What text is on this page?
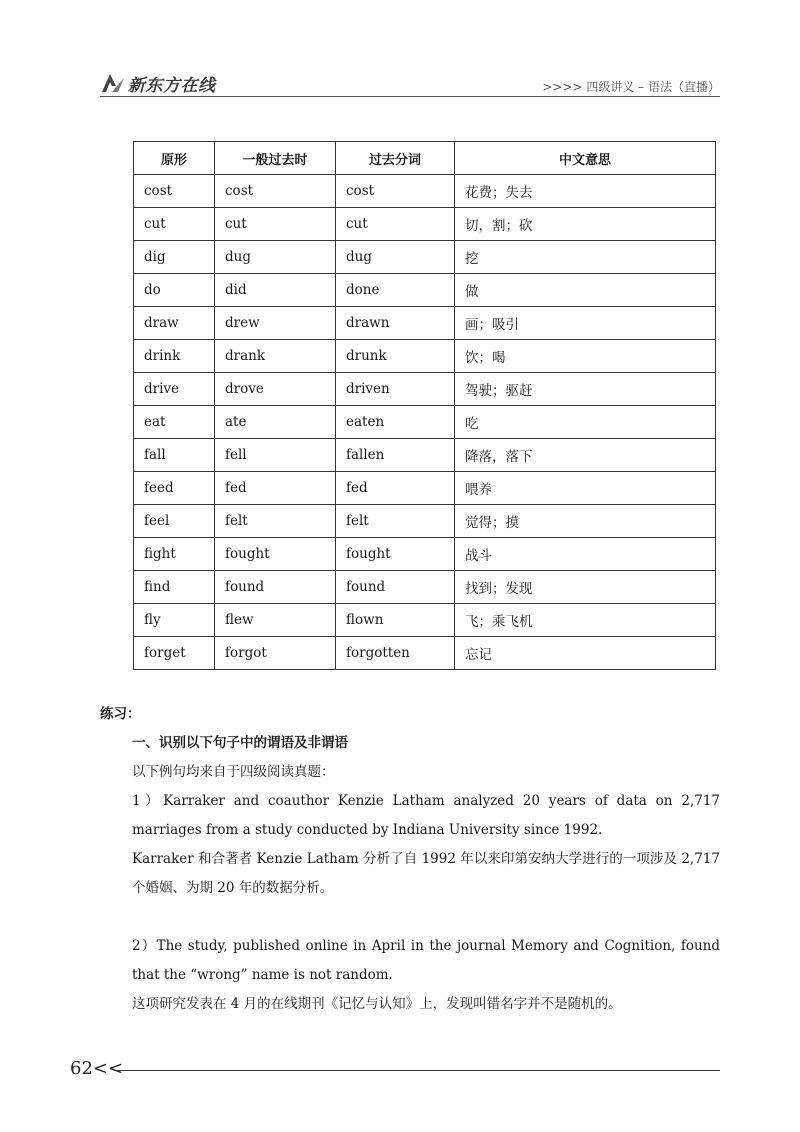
新东方在线	>>>> 四级讲义 – 语法（直播）
原形	一般过去时	过去分词	中文意思
cost	cost	cost	花费；失去
cut	cut	cut	切，割；砍
dig	dug	dug	挖
do	did	done	做
draw	drew	drawn	画；吸引
drink	drank	drunk	饮；喝
drive	drove	driven	驾驶；驱赶
eat	ate	eaten	吃
fall	fell	fallen	降落，落下
feed	fed	fed	喂养
feel	felt	felt	觉得；摸
fight	fought	fought	战斗
find	found	found	找到；发现
fly	flew	flown	飞；乘飞机
forget	forgot	forgotten	忘记
练习：
一、识别以下句子中的谓语及非谓语
以下例句均来自于四级阅读真题：
1）Karraker and coauthor Kenzie Latham analyzed 20 years of data on 2,717 marriages from a study conducted by Indiana University since 1992.
Karraker 和合著者 Kenzie Latham 分析了自 1992 年以来印第安纳大学进行的一项涉及 2,717 个婚姻、为期 20 年的数据分析。
2）The study, published online in April in the journal Memory and Cognition, found that the “wrong” name is not random.
这项研究发表在 4 月的在线期刊《记忆与认知》上，发现叫错名字并不是随机的。
62<<
